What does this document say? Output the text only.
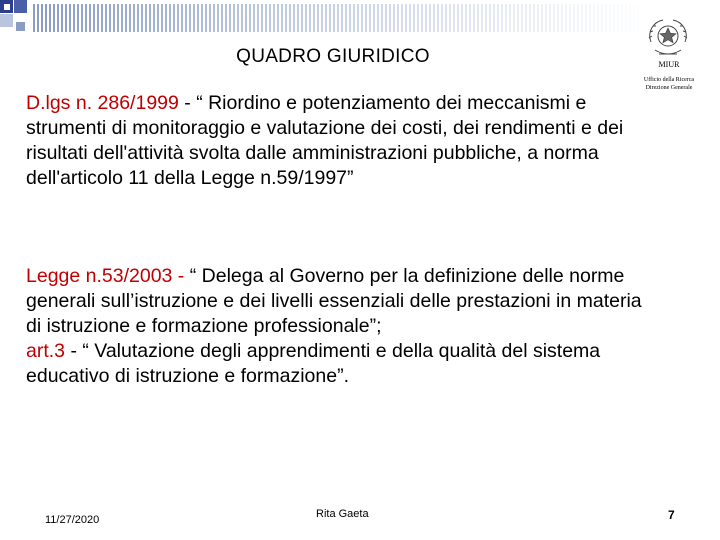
QUADRO GIURIDICO	MIUR
Ufficio della Ricerca
Direzione Generale
D.lgs n. 286/1999 - “ Riordino e potenziamento dei meccanismi e strumenti di monitoraggio e valutazione dei costi, dei rendimenti e dei risultati dell'attività svolta dalle amministrazioni pubbliche, a norma dell'articolo 11 della Legge n.59/1997”
Legge n.53/2003 - “ Delega al Governo per la definizione delle norme generali sull’istruzione e dei livelli essenziali delle prestazioni in materia di istruzione e formazione professionale”;
art.3 - “ Valutazione degli apprendimenti e della qualità del sistema educativo di istruzione e formazione”.
11/27/2020	Rita Gaeta	7
